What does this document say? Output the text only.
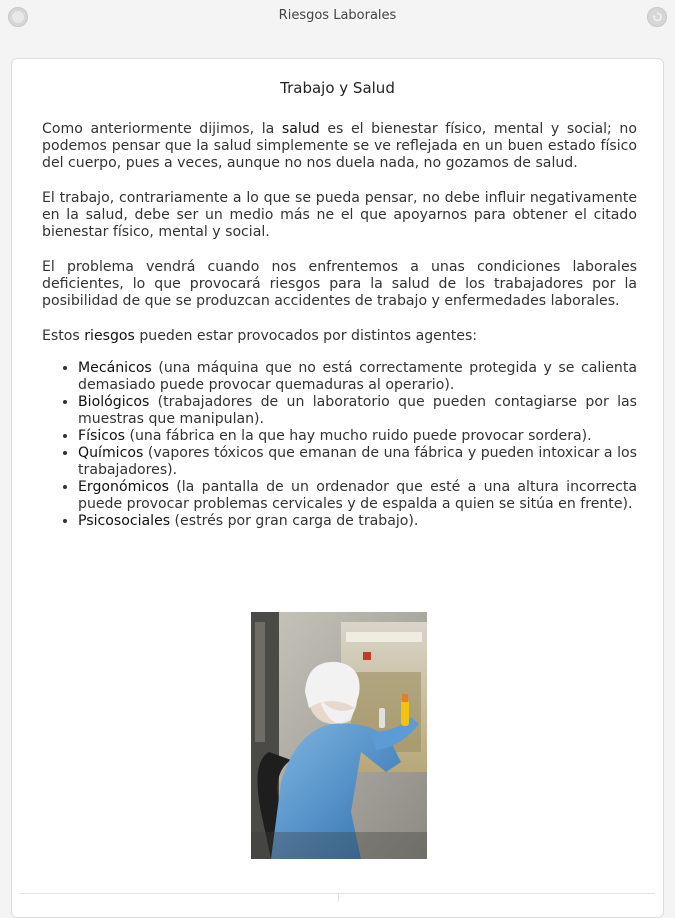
Riesgos Laborales
Trabajo y Salud

Como anteriormente dijimos, la salud es el bienestar físico, mental y social; no podemos pensar que la salud simplemente se ve reflejada en un buen estado físico del cuerpo, pues a veces, aunque no nos duela nada, no gozamos de salud.

El trabajo, contrariamente a lo que se pueda pensar, no debe influir negativamente en la salud, debe ser un medio más ne el que apoyarnos para obtener el citado bienestar físico, mental y social.

El problema vendrá cuando nos enfrentemos a unas condiciones laborales deficientes, lo que provocará riesgos para la salud de los trabajadores por la posibilidad de que se produzcan accidentes de trabajo y enfermedades laborales.

Estos riesgos pueden estar provocados por distintos agentes:

• Mecánicos (una máquina que no está correctamente protegida y se calienta demasiado puede provocar quemaduras al operario).
• Biológicos (trabajadores de un laboratorio que pueden contagiarse por las muestras que manipulan).
• Físicos (una fábrica en la que hay mucho ruido puede provocar sordera).
• Químicos (vapores tóxicos que emanan de una fábrica y pueden intoxicar a los trabajadores).
• Ergonómicos (la pantalla de un ordenador que esté a una altura incorrecta puede provocar problemas cervicales y de espalda a quien se sitúa en frente).
• Psicosociales (estrés por gran carga de trabajo).
